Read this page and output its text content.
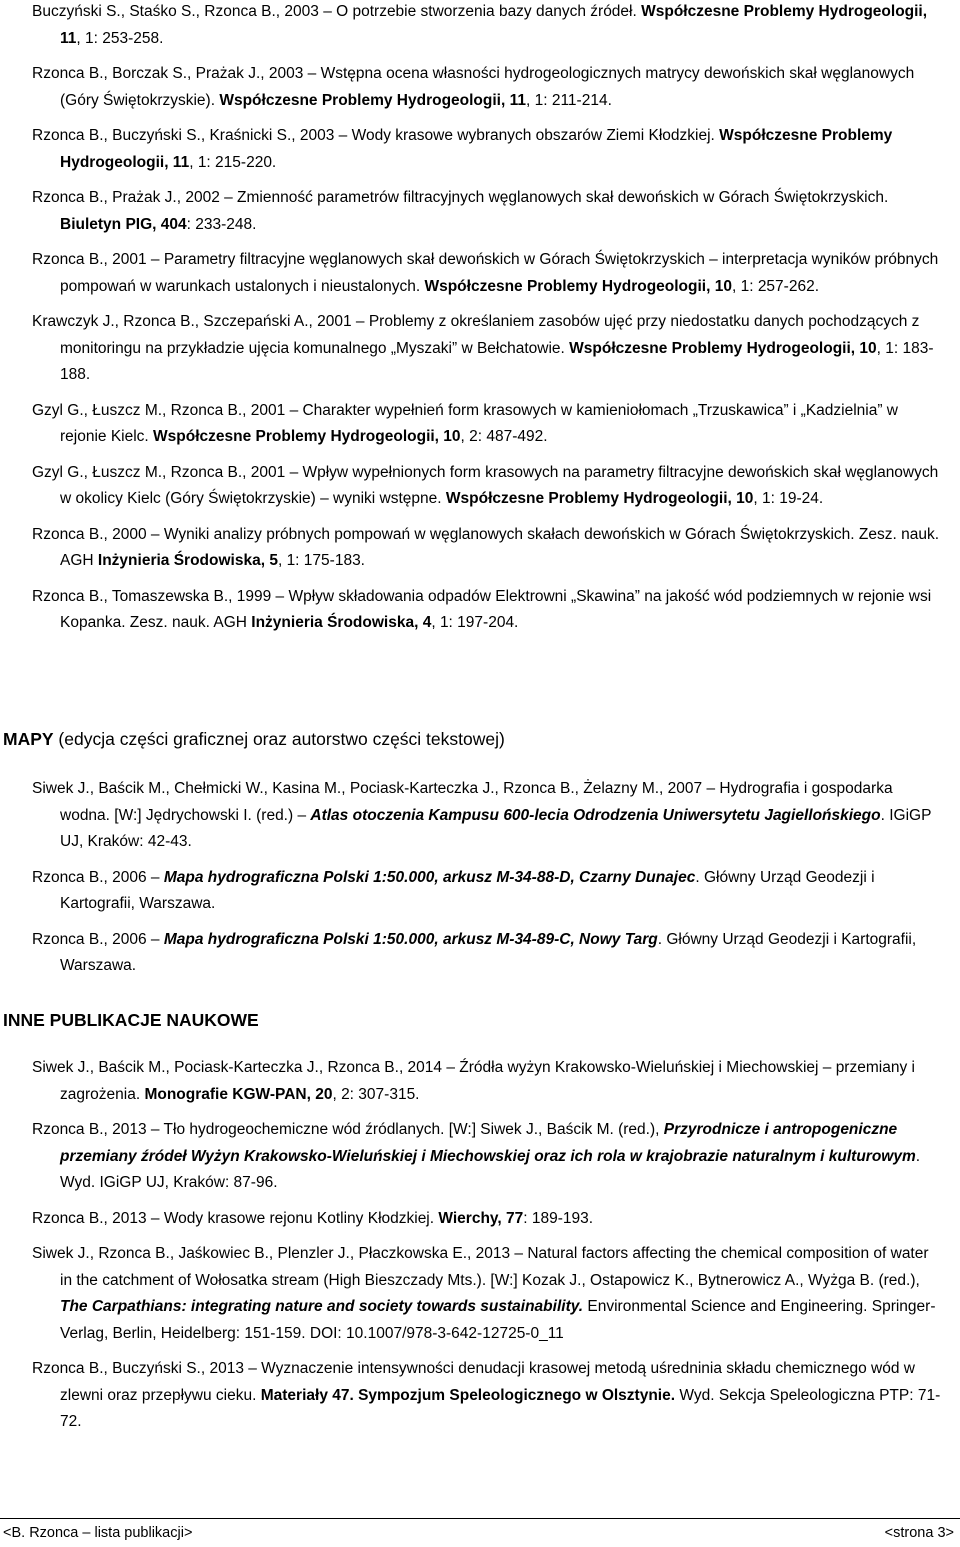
Buczyński S., Staśko S., Rzonca B., 2003 – O potrzebie stworzenia bazy danych źródeł. Współczesne Problemy Hydrogeologii, 11, 1: 253-258.

Rzonca B., Borczak S., Prażak J., 2003 – Wstępna ocena własności hydrogeologicznych matrycy dewońskich skał węglanowych (Góry Świętokrzyskie). Współczesne Problemy Hydrogeologii, 11, 1: 211-214.

Rzonca B., Buczyński S., Kraśnicki S., 2003 – Wody krasowe wybranych obszarów Ziemi Kłodzkiej. Współczesne Problemy Hydrogeologii, 11, 1: 215-220.

Rzonca B., Prażak J., 2002 – Zmienność parametrów filtracyjnych węglanowych skał dewońskich w Górach Świętokrzyskich. Biuletyn PIG, 404: 233-248.

Rzonca B., 2001 – Parametry filtracyjne węglanowych skał dewońskich w Górach Świętokrzyskich – interpretacja wyników próbnych pompowań w warunkach ustalonych i nieustalonych. Współczesne Problemy Hydrogeologii, 10, 1: 257-262.

Krawczyk J., Rzonca B., Szczepański A., 2001 – Problemy z określaniem zasobów ujęć przy niedostatku danych pochodzących z monitoringu na przykładzie ujęcia komunalnego „Myszaki” w Bełchatowie. Współczesne Problemy Hydrogeologii, 10, 1: 183-188.

Gzyl G., Łuszcz M., Rzonca B., 2001 – Charakter wypełnień form krasowych w kamieniołomach „Trzuskawica” i „Kadzielnia” w rejonie Kielc. Współczesne Problemy Hydrogeologii, 10, 2: 487-492.

Gzyl G., Łuszcz M., Rzonca B., 2001 – Wpływ wypełnionych form krasowych na parametry filtracyjne dewońskich skał węglanowych w okolicy Kielc (Góry Świętokrzyskie) – wyniki wstępne. Współczesne Problemy Hydrogeologii, 10, 1: 19-24.

Rzonca B., 2000 – Wyniki analizy próbnych pompowań w węglanowych skałach dewońskich w Górach Świętokrzyskich. Zesz. nauk. AGH Inżynieria Środowiska, 5, 1: 175-183.

Rzonca B., Tomaszewska B., 1999 – Wpływ składowania odpadów Elektrowni „Skawina” na jakość wód podziemnych w rejonie wsi Kopanka. Zesz. nauk. AGH Inżynieria Środowiska, 4, 1: 197-204.

MAPY (edycja części graficznej oraz autorstwo części tekstowej)

Siwek J., Baścik M., Chełmicki W., Kasina M., Pociask-Karteczka J., Rzonca B., Żelazny M., 2007 – Hydrografia i gospodarka wodna. [W:] Jędrychowski I. (red.) – Atlas otoczenia Kampusu 600-lecia Odrodzenia Uniwersytetu Jagiellońskiego. IGiGP UJ, Kraków: 42-43.

Rzonca B., 2006 – Mapa hydrograficzna Polski 1:50.000, arkusz M-34-88-D, Czarny Dunajec. Główny Urząd Geodezji i Kartografii, Warszawa.

Rzonca B., 2006 – Mapa hydrograficzna Polski 1:50.000, arkusz M-34-89-C, Nowy Targ. Główny Urząd Geodezji i Kartografii, Warszawa.

INNE PUBLIKACJE NAUKOWE

Siwek J., Baścik M., Pociask-Karteczka J., Rzonca B., 2014 – Źródła wyżyn Krakowsko-Wieluńskiej i Miechowskiej – przemiany i zagrożenia. Monografie KGW-PAN, 20, 2: 307-315.

Rzonca B., 2013 – Tło hydrogeochemiczne wód źródlanych. [W:] Siwek J., Baścik M. (red.), Przyrodnicze i antropogeniczne przemiany źródeł Wyżyn Krakowsko-Wieluńskiej i Miechowskiej oraz ich rola w krajobrazie naturalnym i kulturowym. Wyd. IGiGP UJ, Kraków: 87-96.

Rzonca B., 2013 – Wody krasowe rejonu Kotliny Kłodzkiej. Wierchy, 77: 189-193.

Siwek J., Rzonca B., Jaśkowiec B., Plenzler J., Płaczkowska E., 2013 – Natural factors affecting the chemical composition of water in the catchment of Wołosatka stream (High Bieszczady Mts.). [W:] Kozak J., Ostapowicz K., Bytnerowicz A., Wyżga B. (red.), The Carpathians: integrating nature and society towards sustainability. Environmental Science and Engineering. Springer-Verlag, Berlin, Heidelberg: 151-159. DOI: 10.1007/978-3-642-12725-0_11

Rzonca B., Buczyński S., 2013 – Wyznaczenie intensywności denudacji krasowej metodą uśredninia składu chemicznego wód w zlewni oraz przepływu cieku. Materiały 47. Sympozjum Speleologicznego w Olsztynie. Wyd. Sekcja Speleologiczna PTP: 71-72.

<B. Rzonca – lista publikacji>	<strona 3>
